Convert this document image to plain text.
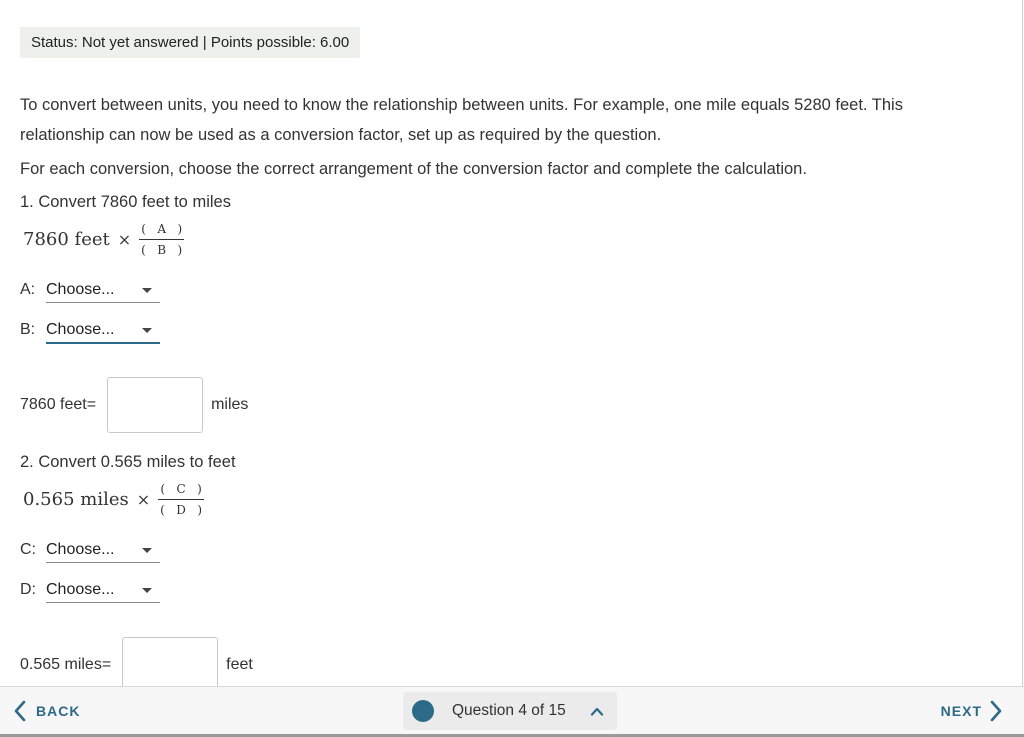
Status: Not yet answered | Points possible: 6.00
To convert between units, you need to know the relationship between units. For example, one mile equals 5280 feet. This relationship can now be used as a conversion factor, set up as required by the question.
For each conversion, choose the correct arrangement of the conversion factor and complete the calculation.
1. Convert 7860 feet to miles
7860 feet × $\frac{( A )}{( B )}$
A: Choose...
B: Choose...
7860 feet=	miles
2. Convert 0.565 miles to feet
0.565 miles × $\frac{( C )}{( D )}$
C: Choose...
D: Choose...
0.565 miles=	feet
BACK	Question 4 of 15	NEXT
